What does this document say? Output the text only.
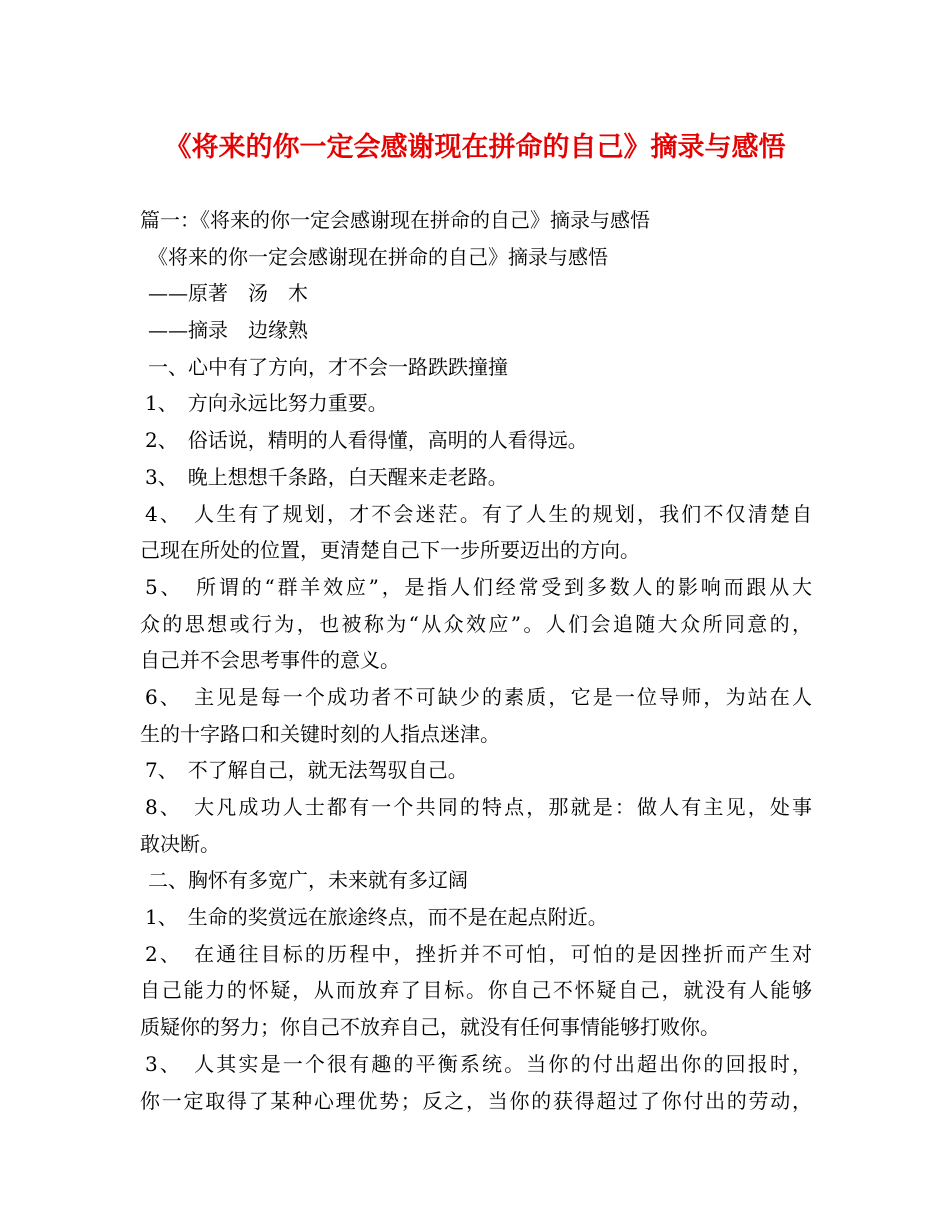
《将来的你一定会感谢现在拼命的自己》摘录与感悟
篇一：《将来的你一定会感谢现在拼命的自己》摘录与感悟
《将来的你一定会感谢现在拼命的自己》摘录与感悟
——原著　汤　木
——摘录　边缘熟
一、心中有了方向，才不会一路跌跌撞撞
1、　方向永远比努力重要。
2、　俗话说，精明的人看得懂，高明的人看得远。
3、　晚上想想千条路，白天醒来走老路。
4、　人生有了规划，才不会迷茫。有了人生的规划，我们不仅清楚自
己现在所处的位置，更清楚自己下一步所要迈出的方向。
5、　所谓的“群羊效应”，是指人们经常受到多数人的影响而跟从大
众的思想或行为，也被称为“从众效应”。人们会追随大众所同意的，
自己并不会思考事件的意义。
6、　主见是每一个成功者不可缺少的素质，它是一位导师，为站在人
生的十字路口和关键时刻的人指点迷津。
7、　不了解自己，就无法驾驭自己。
8、　大凡成功人士都有一个共同的特点，那就是：做人有主见，处事
敢决断。
二、胸怀有多宽广，未来就有多辽阔
1、　生命的奖赏远在旅途终点，而不是在起点附近。
2、　在通往目标的历程中，挫折并不可怕，可怕的是因挫折而产生对
自己能力的怀疑，从而放弃了目标。你自己不怀疑自己，就没有人能够
质疑你的努力；你自己不放弃自己，就没有任何事情能够打败你。
3、　人其实是一个很有趣的平衡系统。当你的付出超出你的回报时，
你一定取得了某种心理优势；反之，当你的获得超过了你付出的劳动，
